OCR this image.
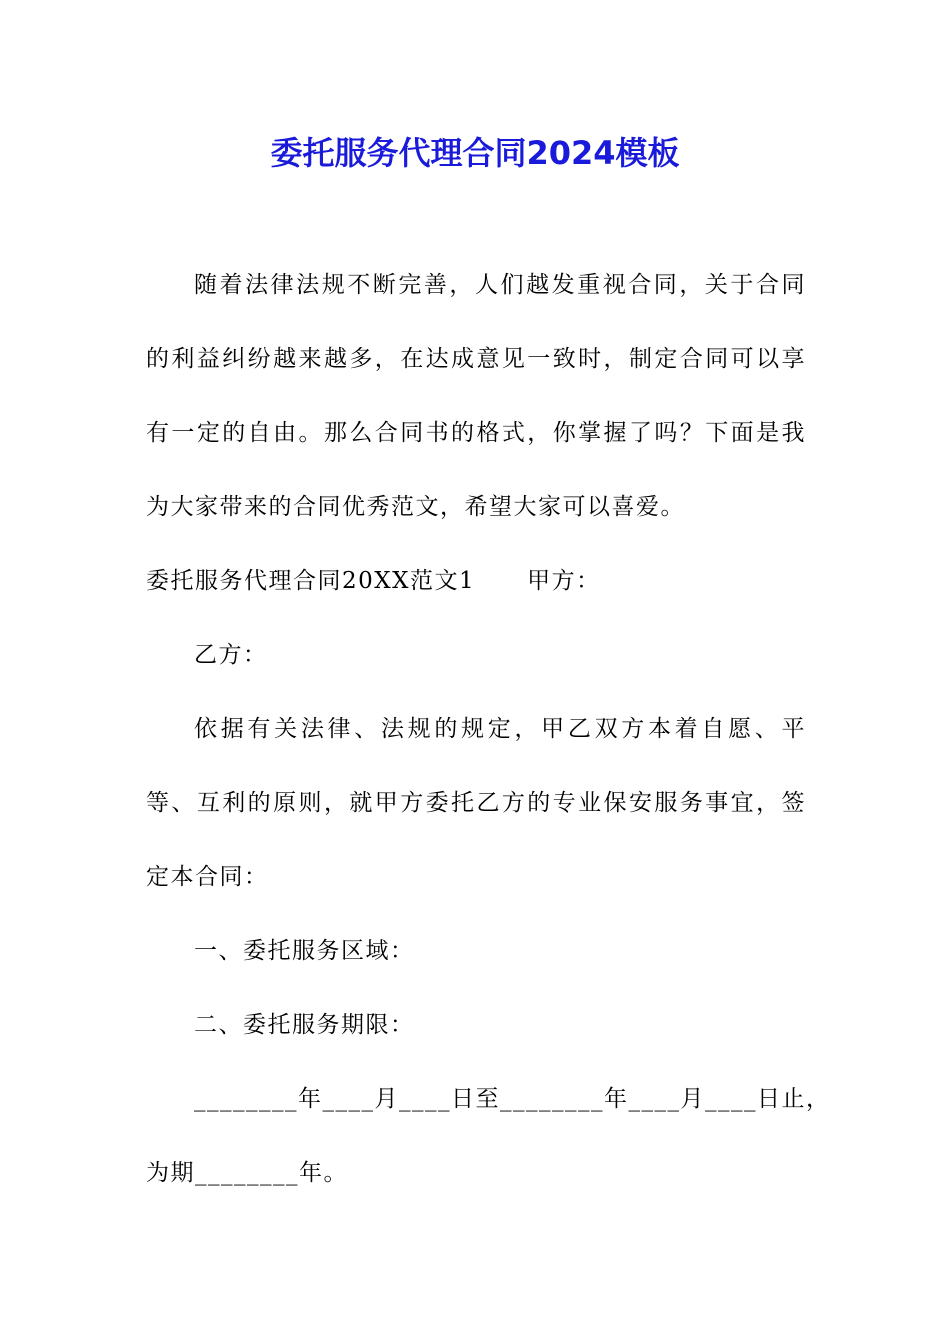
委托服务代理合同2024模板

随着法律法规不断完善，人们越发重视合同，关于合同的利益纠纷越来越多，在达成意见一致时，制定合同可以享有一定的自由。那么合同书的格式，你掌握了吗？下面是我为大家带来的合同优秀范文，希望大家可以喜爱。

委托服务代理合同20XX范文1 甲方：

乙方：

依据有关法律、法规的规定，甲乙双方本着自愿、平等、互利的原则，就甲方委托乙方的专业保安服务事宜，签定本合同：

一、委托服务区域：

二、委托服务期限：

________年____月____日至________年____月____日止，

为期________年。
